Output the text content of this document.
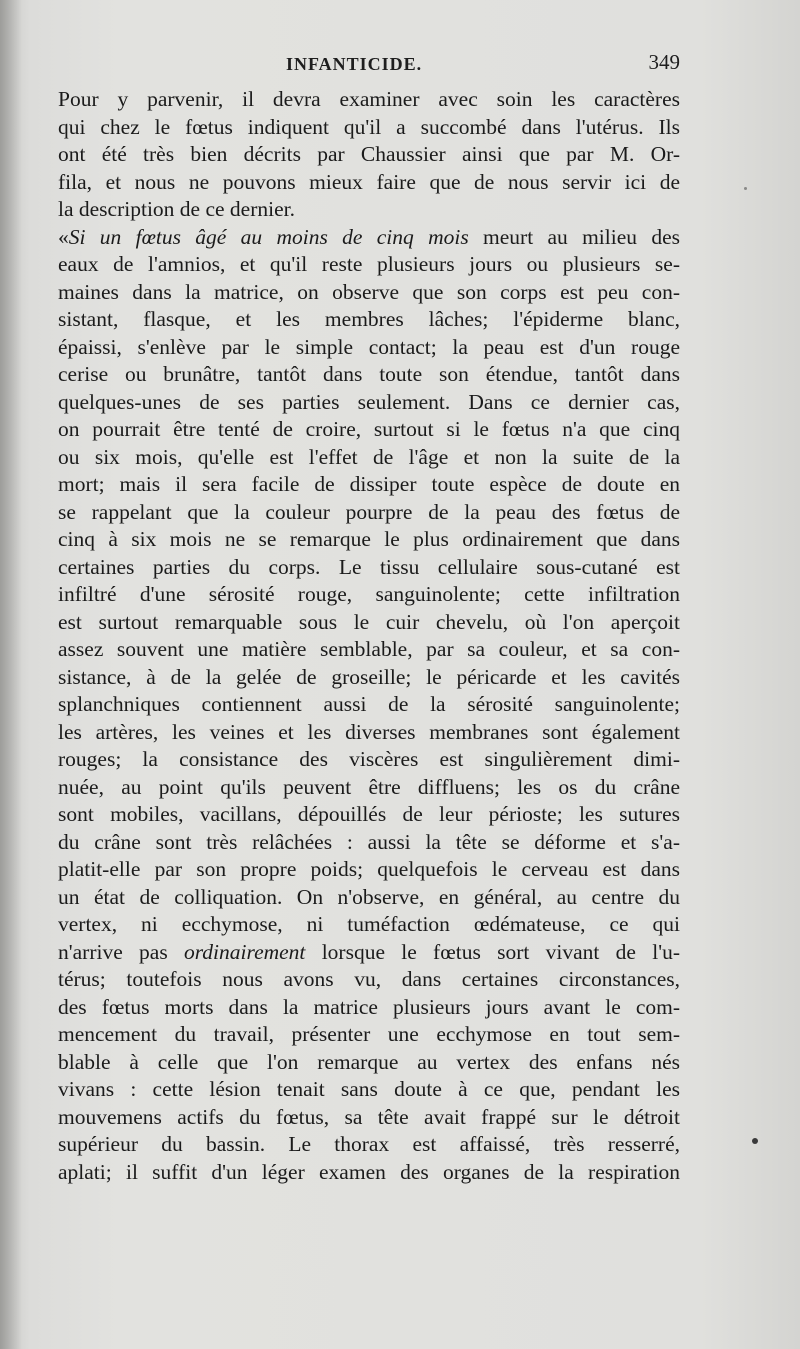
INFANTICIDE.	349
Pour y parvenir, il devra examiner avec soin les caractères
qui chez le fœtus indiquent qu'il a succombé dans l'utérus. Ils
ont été très bien décrits par Chaussier ainsi que par M. Or-
fila, et nous ne pouvons mieux faire que de nous servir ici de
la description de ce dernier.
«Si un fœtus âgé au moins de cinq mois meurt au milieu des
eaux de l'amnios, et qu'il reste plusieurs jours ou plusieurs se-
maines dans la matrice, on observe que son corps est peu con-
sistant, flasque, et les membres lâches; l'épiderme blanc,
épaissi, s'enlève par le simple contact; la peau est d'un rouge
cerise ou brunâtre, tantôt dans toute son étendue, tantôt dans
quelques-unes de ses parties seulement. Dans ce dernier cas,
on pourrait être tenté de croire, surtout si le fœtus n'a que cinq
ou six mois, qu'elle est l'effet de l'âge et non la suite de la
mort; mais il sera facile de dissiper toute espèce de doute en
se rappelant que la couleur pourpre de la peau des fœtus de
cinq à six mois ne se remarque le plus ordinairement que dans
certaines parties du corps. Le tissu cellulaire sous-cutané est
infiltré d'une sérosité rouge, sanguinolente; cette infiltration
est surtout remarquable sous le cuir chevelu, où l'on aperçoit
assez souvent une matière semblable, par sa couleur, et sa con-
sistance, à de la gelée de groseille; le péricarde et les cavités
splanchniques contiennent aussi de la sérosité sanguinolente;
les artères, les veines et les diverses membranes sont également
rouges; la consistance des viscères est singulièrement dimi-
nuée, au point qu'ils peuvent être diffluens; les os du crâne
sont mobiles, vacillans, dépouillés de leur périoste; les sutures
du crâne sont très relâchées : aussi la tête se déforme et s'a-
platit-elle par son propre poids; quelquefois le cerveau est dans
un état de colliquation. On n'observe, en général, au centre du
vertex, ni ecchymose, ni tuméfaction œdémateuse, ce qui
n'arrive pas ordinairement lorsque le fœtus sort vivant de l'u-
térus; toutefois nous avons vu, dans certaines circonstances,
des fœtus morts dans la matrice plusieurs jours avant le com-
mencement du travail, présenter une ecchymose en tout sem-
blable à celle que l'on remarque au vertex des enfans nés
vivans : cette lésion tenait sans doute à ce que, pendant les
mouvemens actifs du fœtus, sa tête avait frappé sur le détroit
supérieur du bassin. Le thorax est affaissé, très resserré,
aplati; il suffit d'un léger examen des organes de la respiration
